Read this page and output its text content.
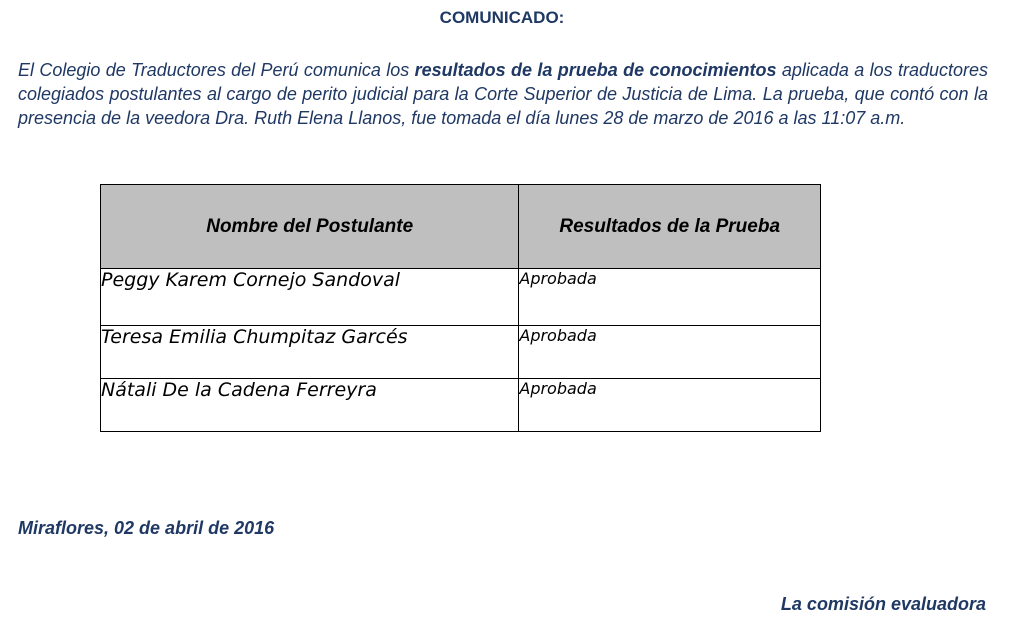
COMUNICADO:
El Colegio de Traductores del Perú comunica los resultados de la prueba de conocimientos aplicada a los traductores colegiados postulantes al cargo de perito judicial para la Corte Superior de Justicia de Lima. La prueba, que contó con la presencia de la veedora Dra. Ruth Elena Llanos, fue tomada el día lunes 28 de marzo de 2016 a las 11:07 a.m.
Nombre del Postulante	Resultados de la Prueba
Peggy Karem Cornejo Sandoval	Aprobada
Teresa Emilia Chumpitaz Garcés	Aprobada
Nátali De la Cadena Ferreyra	Aprobada
Miraflores, 02 de abril de 2016
La comisión evaluadora
